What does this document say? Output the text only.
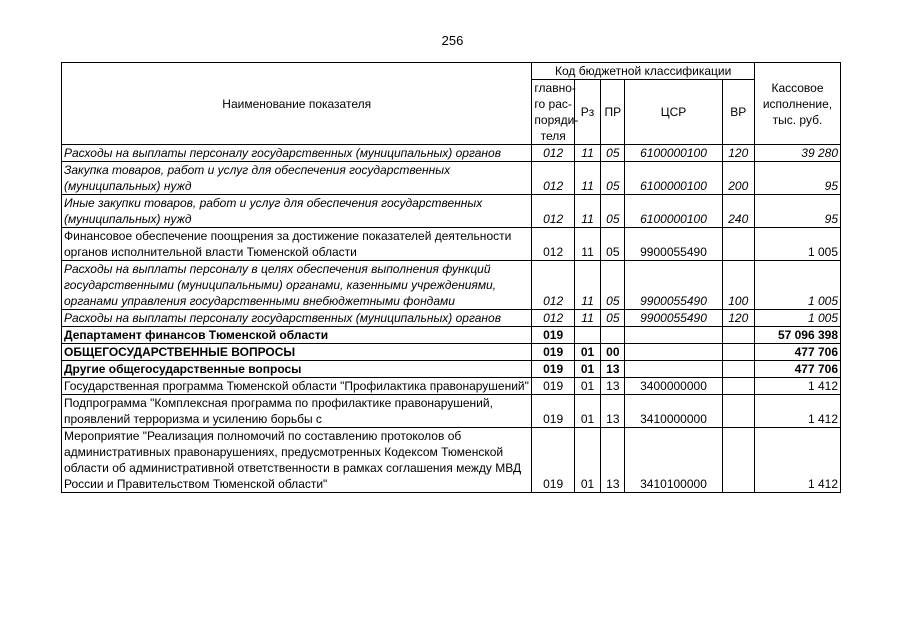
256
Наименование показателя	Код бюджетной классификации					Кассовое исполнение, тыс. руб.
	главно-го рас-поряди-теля	Рз	ПР	ЦСР	ВР	
Расходы на выплаты персоналу государственных (муниципальных) органов	012	11	05	6100000100	120	39 280
Закупка товаров, работ и услуг для обеспечения государственных (муниципальных) нужд	012	11	05	6100000100	200	95
Иные закупки товаров, работ и услуг для обеспечения государственных (муниципальных) нужд	012	11	05	6100000100	240	95
Финансовое обеспечение поощрения за достижение показателей деятельности органов исполнительной власти Тюменской области	012	11	05	9900055490		1 005
Расходы на выплаты персоналу в целях обеспечения выполнения функций государственными (муниципальными) органами, казенными учреждениями, органами управления государственными внебюджетными фондами	012	11	05	9900055490	100	1 005
Расходы на выплаты персоналу государственных (муниципальных) органов	012	11	05	9900055490	120	1 005
Департамент финансов Тюменской области	019					57 096 398
ОБЩЕГОСУДАРСТВЕННЫЕ ВОПРОСЫ	019	01	00			477 706
Другие общегосударственные вопросы	019	01	13			477 706
Государственная программа Тюменской области "Профилактика правонарушений"	019	01	13	3400000000		1 412
Подпрограмма "Комплексная программа по профилактике правонарушений, проявлений терроризма и усилению борьбы с	019	01	13	3410000000		1 412
Мероприятие "Реализация полномочий по составлению протоколов об административных правонарушениях, предусмотренных Кодексом Тюменской области об административной ответственности в рамках соглашения между МВД России и Правительством Тюменской области"	019	01	13	3410100000		1 412
